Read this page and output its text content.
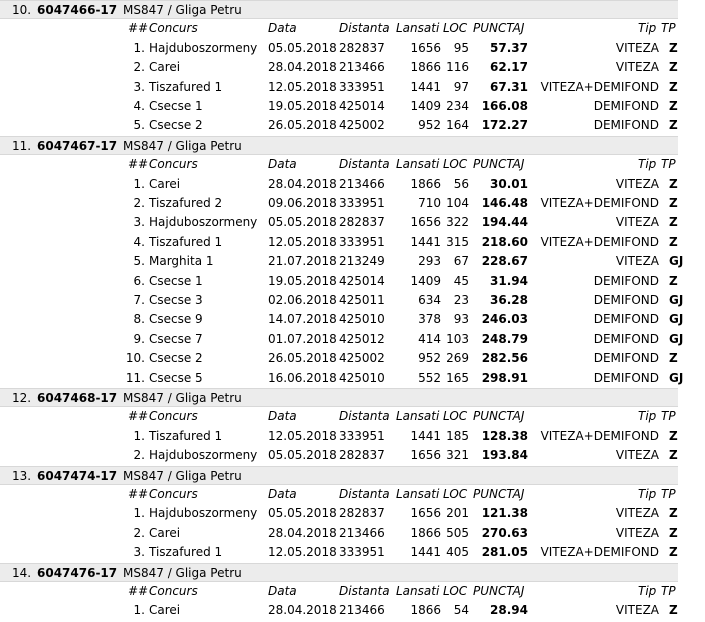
10. 6047466-17 MS847 / Gliga Petru
## Concurs	Data	Distanta Lansati LOC PUNCTAJ	Tip TP
1. Hajduboszormeny 05.05.2018 282837 1656 95 57.37	VITEZA Z
2. Carei	28.04.2018 213466 1866 116 62.17	VITEZA Z
3. Tiszafured 1	12.05.2018 333951 1441 97 67.31 VITEZA+DEMIFOND Z
4. Csecse 1	19.05.2018 425014 1409 234 166.08	DEMIFOND Z
5. Csecse 2	26.05.2018 425002	952 164 172.27	DEMIFOND Z
11. 6047467-17 MS847 / Gliga Petru
## Concurs	Data	Distanta Lansati LOC PUNCTAJ	Tip TP
1. Carei	28.04.2018 213466 1866 56 30.01	VITEZA Z
2. Tiszafured 2	09.06.2018 333951	710 104 146.48 VITEZA+DEMIFOND Z
3. Hajduboszormeny 05.05.2018 282837 1656 322 194.44	VITEZA Z
4. Tiszafured 1	12.05.2018 333951 1441 315 218.60 VITEZA+DEMIFOND Z
5. Marghita 1	21.07.2018 213249	293 67 228.67	VITEZA GJ
6. Csecse 1	19.05.2018 425014 1409 45 31.94	DEMIFOND Z
7. Csecse 3	02.06.2018 425011	634 23 36.28	DEMIFOND GJ
8. Csecse 9	14.07.2018 425010	378 93 246.03	DEMIFOND GJ
9. Csecse 7	01.07.2018 425012	414 103 248.79	DEMIFOND GJ
10. Csecse 2	26.05.2018 425002	952 269 282.56	DEMIFOND Z
11. Csecse 5	16.06.2018 425010	552 165 298.91	DEMIFOND GJ
12. 6047468-17 MS847 / Gliga Petru
## Concurs	Data	Distanta Lansati LOC PUNCTAJ	Tip TP
1. Tiszafured 1	12.05.2018 333951 1441 185 128.38 VITEZA+DEMIFOND Z
2. Hajduboszormeny 05.05.2018 282837 1656 321 193.84	VITEZA Z
13. 6047474-17 MS847 / Gliga Petru
## Concurs	Data	Distanta Lansati LOC PUNCTAJ	Tip TP
1. Hajduboszormeny 05.05.2018 282837 1656 201 121.38	VITEZA Z
2. Carei	28.04.2018 213466 1866 505 270.63	VITEZA Z
3. Tiszafured 1	12.05.2018 333951 1441 405 281.05 VITEZA+DEMIFOND Z
14. 6047476-17 MS847 / Gliga Petru
## Concurs	Data	Distanta Lansati LOC PUNCTAJ	Tip TP
1. Carei	28.04.2018 213466 1866 54 28.94	VITEZA Z
